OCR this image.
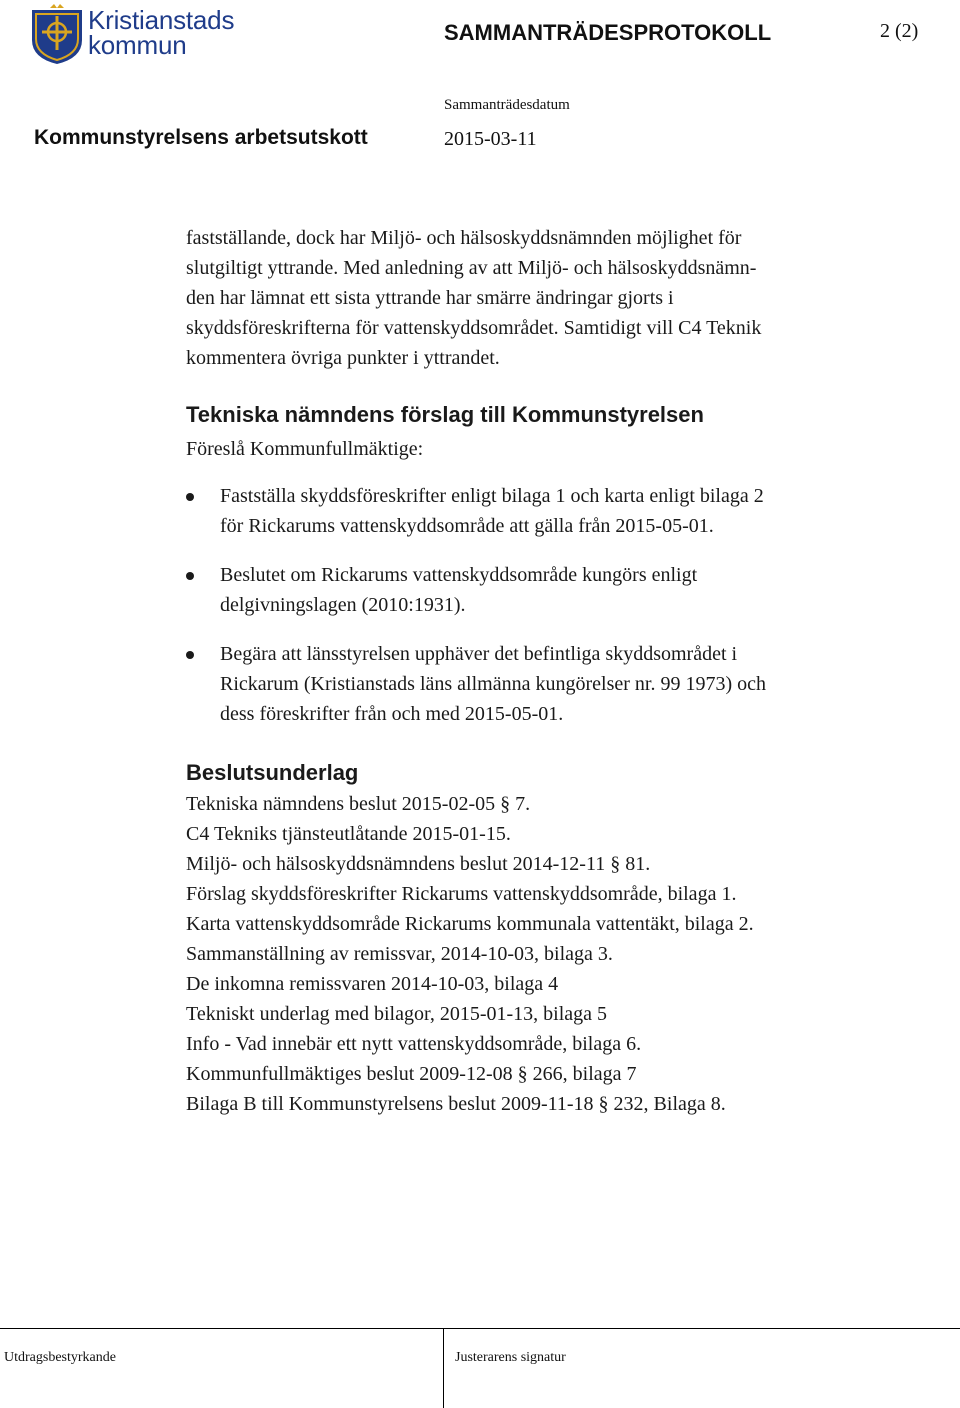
Kristianstads
kommun	SAMMANTRÄDESPROTOKOLL	2 (2)
Kommunstyrelsens arbetsutskott
Sammanträdesdatum
2015-03-11
fastställande, dock har Miljö- och hälsoskyddsnämnden möjlighet för
slutgiltigt yttrande. Med anledning av att Miljö- och hälsoskyddsnämn-
den har lämnat ett sista yttrande har smärre ändringar gjorts i
skyddsföreskrifterna för vattenskyddsområdet. Samtidigt vill C4 Teknik
kommentera övriga punkter i yttrandet.
Tekniska nämndens förslag till Kommunstyrelsen
Föreslå Kommunfullmäktige:
Fastställa skyddsföreskrifter enligt bilaga 1 och karta enligt bilaga 2
för Rickarums vattenskyddsområde att gälla från 2015-05-01.
Beslutet om Rickarums vattenskyddsområde kungörs enligt
delgivningslagen (2010:1931).
Begära att länsstyrelsen upphäver det befintliga skyddsområdet i
Rickarum (Kristianstads läns allmänna kungörelser nr. 99 1973) och
dess föreskrifter från och med 2015-05-01.
Beslutsunderlag
Tekniska nämndens beslut 2015-02-05 § 7.
C4 Tekniks tjänsteutlåtande 2015-01-15.
Miljö- och hälsoskyddsnämndens beslut 2014-12-11 § 81.
Förslag skyddsföreskrifter Rickarums vattenskyddsområde, bilaga 1.
Karta vattenskyddsområde Rickarums kommunala vattentäkt, bilaga 2.
Sammanställning av remissvar, 2014-10-03, bilaga 3.
De inkomna remissvaren 2014-10-03, bilaga 4
Tekniskt underlag med bilagor, 2015-01-13, bilaga 5
Info - Vad innebär ett nytt vattenskyddsområde, bilaga 6.
Kommunfullmäktiges beslut 2009-12-08 § 266, bilaga 7
Bilaga B till Kommunstyrelsens beslut 2009-11-18 § 232, Bilaga 8.
Utdragsbestyrkande	Justerarens signatur
